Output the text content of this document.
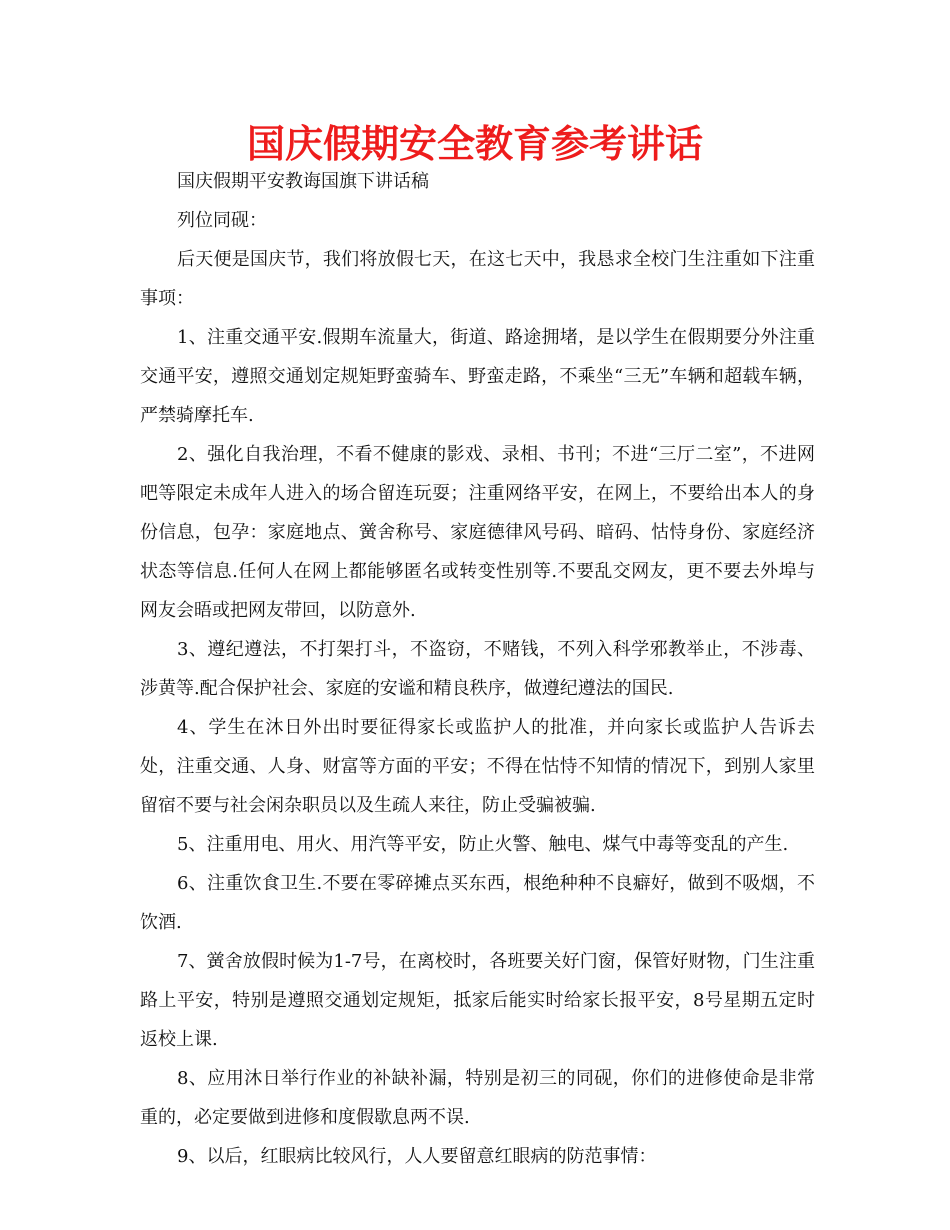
国庆假期安全教育参考讲话

国庆假期平安教诲国旗下讲话稿

列位同砚：

后天便是国庆节，我们将放假七天，在这七天中，我恳求全校门生注重如下注重事项：

1、注重交通平安.假期车流量大，街道、路途拥堵，是以学生在假期要分外注重交通平安，遵照交通划定规矩野蛮骑车、野蛮走路，不乘坐“三无”车辆和超载车辆，严禁骑摩托车.

2、强化自我治理，不看不健康的影戏、录相、书刊；不进“三厅二室”，不进网吧等限定未成年人进入的场合留连玩耍；注重网络平安，在网上，不要给出本人的身份信息，包孕：家庭地点、黉舍称号、家庭德律风号码、暗码、怙恃身份、家庭经济状态等信息.任何人在网上都能够匿名或转变性别等.不要乱交网友，更不要去外埠与网友会晤或把网友带回，以防意外.

3、遵纪遵法，不打架打斗，不盗窃，不赌钱，不列入科学邪教举止，不涉毒、涉黄等.配合保护社会、家庭的安谧和精良秩序，做遵纪遵法的国民.

4、学生在沐日外出时要征得家长或监护人的批准，并向家长或监护人告诉去处，注重交通、人身、财富等方面的平安；不得在怙恃不知情的情况下，到别人家里留宿不要与社会闲杂职员以及生疏人来往，防止受骗被骗.

5、注重用电、用火、用汽等平安，防止火警、触电、煤气中毒等变乱的产生.

6、注重饮食卫生.不要在零碎摊点买东西，根绝种种不良癖好，做到不吸烟，不饮酒.

7、黉舍放假时候为1-7号，在离校时，各班要关好门窗，保管好财物，门生注重路上平安，特别是遵照交通划定规矩，抵家后能实时给家长报平安，8号星期五定时返校上课.

8、应用沐日举行作业的补缺补漏，特别是初三的同砚，你们的进修使命是非常重的，必定要做到进修和度假歇息两不误.

9、以后，红眼病比较风行，人人要留意红眼病的防范事情：
